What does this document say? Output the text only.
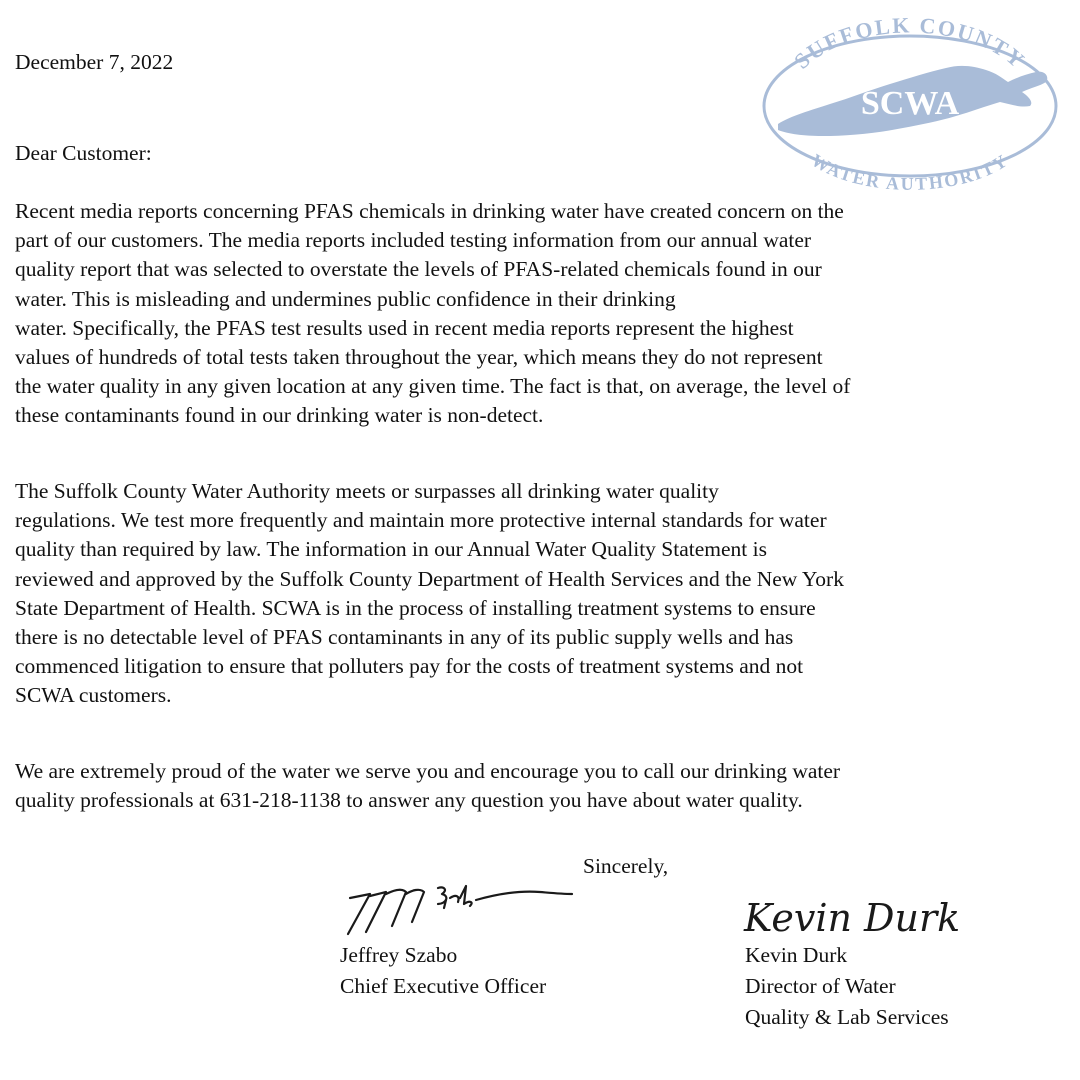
SUFFOLK COUNTY
SCWA
WATER AUTHORITY

December 7, 2022

Dear Customer:

Recent media reports concerning PFAS chemicals in drinking water have created concern on the
part of our customers. The media reports included testing information from our annual water
quality report that was selected to overstate the levels of PFAS-related chemicals found in our
water. This is misleading and undermines public confidence in their drinking
water. Specifically, the PFAS test results used in recent media reports represent the highest
values of hundreds of total tests taken throughout the year, which means they do not represent
the water quality in any given location at any given time. The fact is that, on average, the level of
these contaminants found in our drinking water is non-detect.

The Suffolk County Water Authority meets or surpasses all drinking water quality
regulations. We test more frequently and maintain more protective internal standards for water
quality than required by law. The information in our Annual Water Quality Statement is
reviewed and approved by the Suffolk County Department of Health Services and the New York
State Department of Health. SCWA is in the process of installing treatment systems to ensure
there is no detectable level of PFAS contaminants in any of its public supply wells and has
commenced litigation to ensure that polluters pay for the costs of treatment systems and not
SCWA customers.

We are extremely proud of the water we serve you and encourage you to call our drinking water
quality professionals at 631-218-1138 to answer any question you have about water quality.

Sincerely,

Kevin Durk
Jeffrey Szabo
Chief Executive Officer
Kevin Durk
Director of Water
Quality & Lab Services
